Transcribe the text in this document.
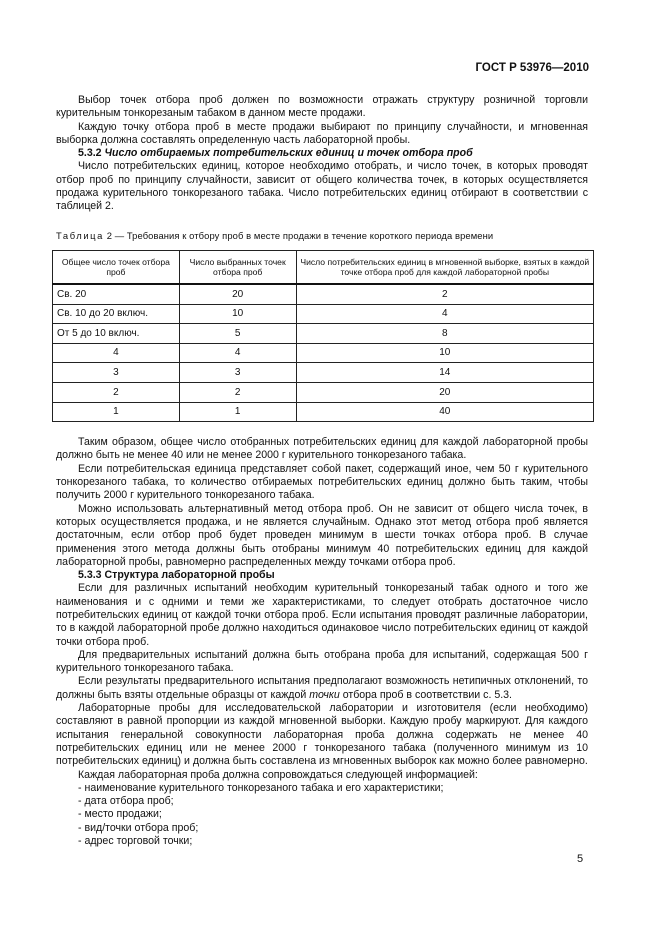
ГОСТ Р 53976—2010

Выбор точек отбора проб должен по возможности отражать структуру розничной торговли курительным тонкорезаным табаком в данном месте продажи.

Каждую точку отбора проб в месте продажи выбирают по принципу случайности, и мгновенная выборка должна составлять определенную часть лабораторной пробы.

5.3.2 Число отбираемых потребительских единиц и точек отбора проб

Число потребительских единиц, которое необходимо отобрать, и число точек, в которых проводят отбор проб по принципу случайности, зависит от общего количества точек, в которых осуществляется продажа курительного тонкорезаного табака. Число потребительских единиц отбирают в соответствии с таблицей 2.

Таблица 2 — Требования к отбору проб в месте продажи в течение короткого периода времени
Общее число точек отбора проб	Число выбранных точек отбора проб	Число потребительских единиц в мгновенной выборке, взятых в каждой точке отбора проб для каждой лабораторной пробы
Св. 20	20	2
Св. 10 до 20 включ.	10	4
От 5 до 10 включ.	5	8
4	4	10
3	3	14
2	2	20
1	1	40

Таким образом, общее число отобранных потребительских единиц для каждой лабораторной пробы должно быть не менее 40 или не менее 2000 г курительного тонкорезаного табака.

Если потребительская единица представляет собой пакет, содержащий иное, чем 50 г курительного тонкорезаного табака, то количество отбираемых потребительских единиц должно быть таким, чтобы получить 2000 г курительного тонкорезаного табака.

Можно использовать альтернативный метод отбора проб. Он не зависит от общего числа точек, в которых осуществляется продажа, и не является случайным. Однако этот метод отбора проб является достаточным, если отбор проб будет проведен минимум в шести точках отбора проб. В случае применения этого метода должны быть отобраны минимум 40 потребительских единиц для каждой лабораторной пробы, равномерно распределенных между точками отбора проб.

5.3.3 Структура лабораторной пробы

Если для различных испытаний необходим курительный тонкорезаный табак одного и того же наименования и с одними и теми же характеристиками, то следует отобрать достаточное число потребительских единиц от каждой точки отбора проб. Если испытания проводят различные лаборатории, то в каждой лабораторной пробе должно находиться одинаковое число потребительских единиц от каждой точки отбора проб.

Для предварительных испытаний должна быть отобрана проба для испытаний, содержащая 500 г курительного тонкорезаного табака.

Если результаты предварительного испытания предполагают возможность нетипичных отклонений, то должны быть взяты отдельные образцы от каждой точки отбора проб в соответствии с. 5.3.

Лабораторные пробы для исследовательской лаборатории и изготовителя (если необходимо) составляют в равной пропорции из каждой мгновенной выборки. Каждую пробу маркируют. Для каждого испытания генеральной совокупности лабораторная проба должна содержать не менее 40 потребительских единиц или не менее 2000 г тонкорезаного табака (полученного минимум из 10 потребительских единиц) и должна быть составлена из мгновенных выборок как можно более равномерно.

Каждая лабораторная проба должна сопровождаться следующей информацией:

- наименование курительного тонкорезаного табака и его характеристики;

- дата отбора проб;

- место продажи;

- вид/точки отбора проб;

- адрес торговой точки;

5
